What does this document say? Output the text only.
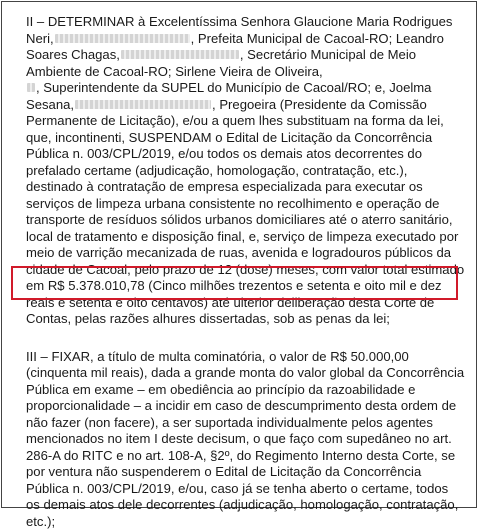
II – DETERMINAR à Excelentíssima Senhora Glaucione Maria Rodrigues
Neri,	, Prefeita Municipal de Cacoal-RO; Leandro
Soares Chagas,	, Secretário Municipal de Meio
Ambiente de Cacoal-RO; Sirlene Vieira de Oliveira,
, Superintendente da SUPEL do Município de Cacoal/RO; e, Joelma
Sesana,	, Pregoeira (Presidente da Comissão
Permanente de Licitação), e/ou a quem lhes substituam na forma da lei,
que, incontinenti, SUSPENDAM o Edital de Licitação da Concorrência
Pública n. 003/CPL/2019, e/ou todos os demais atos decorrentes do
prefalado certame (adjudicação, homologação, contratação, etc.),
destinado à contratação de empresa especializada para executar os
serviços de limpeza urbana consistente no recolhimento e operação de
transporte de resíduos sólidos urbanos domiciliares até o aterro sanitário,
local de tratamento e disposição final, e, serviço de limpeza executado por
meio de varrição mecanizada de ruas, avenida e logradouros públicos da
cidade de Cacoal, pelo prazo de 12 (dose) meses, com valor total estimado
em R$ 5.378.010,78 (Cinco milhões trezentos e setenta e oito mil e dez
reais e setenta e oito centavos) até ulterior deliberação desta Corte de
Contas, pelas razões alhures dissertadas, sob as penas da lei;
III – FIXAR, a título de multa cominatória, o valor de R$ 50.000,00
(cinquenta mil reais), dada a grande monta do valor global da Concorrência
Pública em exame – em obediência ao princípio da razoabilidade e
proporcionalidade – a incidir em caso de descumprimento desta ordem de
não fazer (non facere), a ser suportada individualmente pelos agentes
mencionados no item I deste decisum, o que faço com supedâneo no art.
286-A do RITC e no art. 108-A, §2º, do Regimento Interno desta Corte, se
por ventura não suspenderem o Edital de Licitação da Concorrência
Pública n. 003/CPL/2019, e/ou, caso já se tenha aberto o certame, todos
os demais atos dele decorrentes (adjudicação, homologação, contratação,
etc.);
